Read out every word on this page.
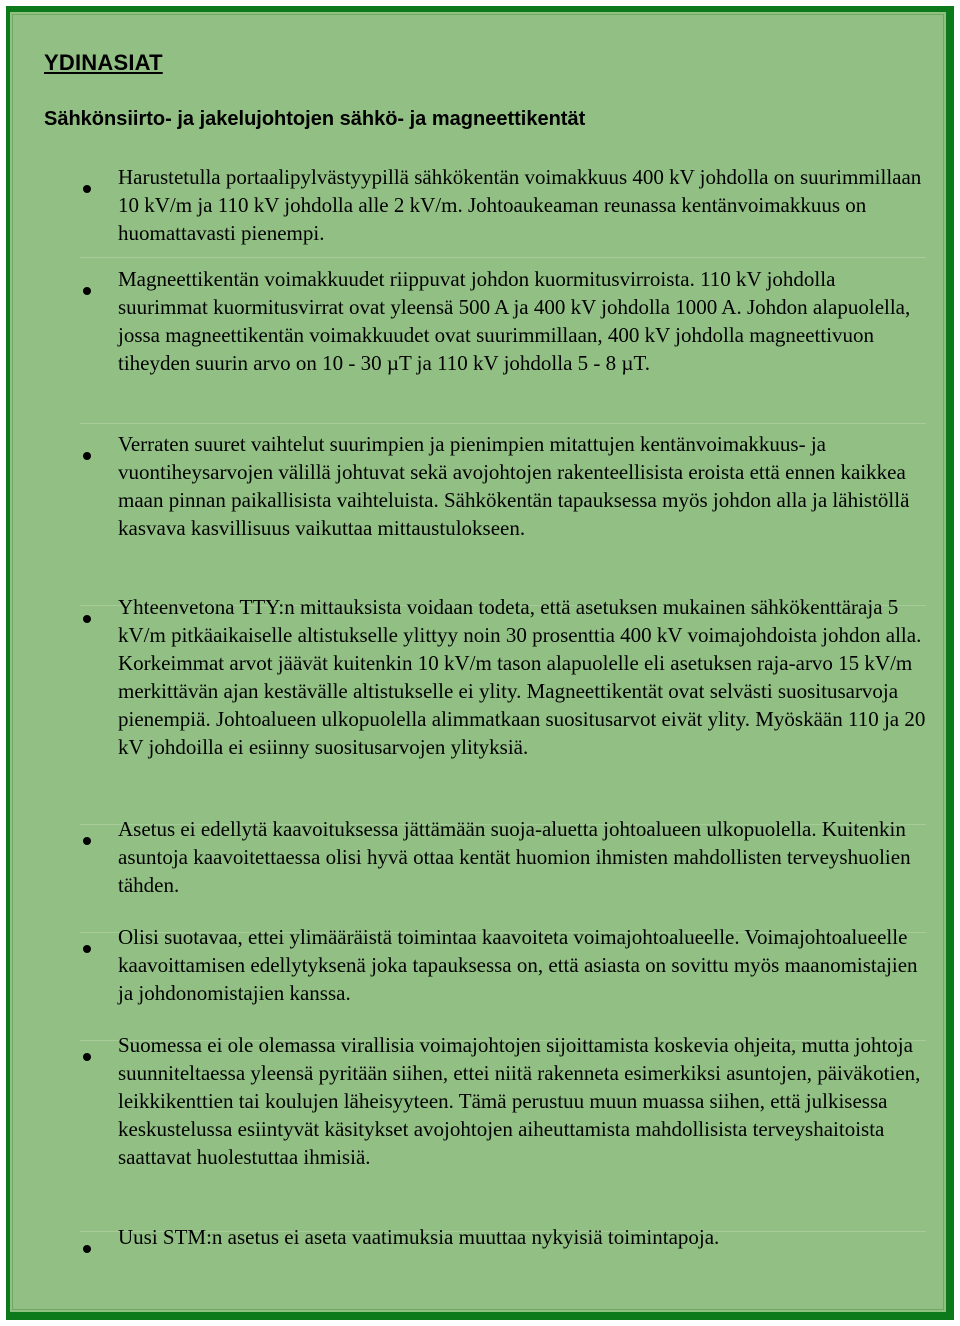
YDINASIAT
Sähkönsiirto- ja jakelujohtojen sähkö- ja magneettikentät

Harustetulla portaalipylvästyypillä sähkökentän voimakkuus 400 kV johdolla on suurimmillaan 10 kV/m ja 110 kV johdolla alle 2 kV/m. Johtoaukeaman reunassa kentänvoimakkuus on huomattavasti pienempi.

Magneettikentän voimakkuudet riippuvat johdon kuormitusvirroista. 110 kV johdolla suurimmat kuormitusvirrat ovat yleensä 500 A ja 400 kV johdolla 1000 A. Johdon alapuolella, jossa magneettikentän voimakkuudet ovat suurimmillaan, 400 kV johdolla magneettivuon tiheyden suurin arvo on 10 - 30 µT ja 110 kV johdolla 5 - 8 µT.

Verraten suuret vaihtelut suurimpien ja pienimpien mitattujen kentänvoimakkuus- ja vuontiheysarvojen välillä johtuvat sekä avojohtojen rakenteellisista eroista että ennen kaikkea maan pinnan paikallisista vaihteluista. Sähkökentän tapauksessa myös johdon alla ja lähistöllä kasvava kasvillisuus vaikuttaa mittaustulokseen.

Yhteenvetona TTY:n mittauksista voidaan todeta, että asetuksen mukainen sähkökenttäraja 5 kV/m pitkäaikaiselle altistukselle ylittyy noin 30 prosenttia 400 kV voimajohdoista johdon alla. Korkeimmat arvot jäävät kuitenkin 10 kV/m tason alapuolelle eli asetuksen raja-arvo 15 kV/m merkittävän ajan kestävälle altistukselle ei ylity. Magneettikentät ovat selvästi suositusarvoja pienempiä. Johtoalueen ulkopuolella alimmatkaan suositusarvot eivät ylity. Myöskään 110 ja 20 kV johdoilla ei esiinny suositusarvojen ylityksiä.

Asetus ei edellytä kaavoituksessa jättämään suoja-aluetta johtoalueen ulkopuolella. Kuitenkin asuntoja kaavoitettaessa olisi hyvä ottaa kentät huomion ihmisten mahdollisten terveyshuolien tähden.

Olisi suotavaa, ettei ylimääräistä toimintaa kaavoiteta voimajohtoalueelle. Voimajohtoalueelle kaavoittamisen edellytyksenä joka tapauksessa on, että asiasta on sovittu myös maanomistajien ja johdonomistajien kanssa.

Suomessa ei ole olemassa virallisia voimajohtojen sijoittamista koskevia ohjeita, mutta johtoja suunniteltaessa yleensä pyritään siihen, ettei niitä rakenneta esimerkiksi asuntojen, päiväkotien, leikkikenttien tai koulujen läheisyyteen. Tämä perustuu muun muassa siihen, että julkisessa keskustelussa esiintyvät käsitykset avojohtojen aiheuttamista mahdollisista terveyshaitoista saattavat huolestuttaa ihmisiä.

Uusi STM:n asetus ei aseta vaatimuksia muuttaa nykyisiä toimintapoja.
